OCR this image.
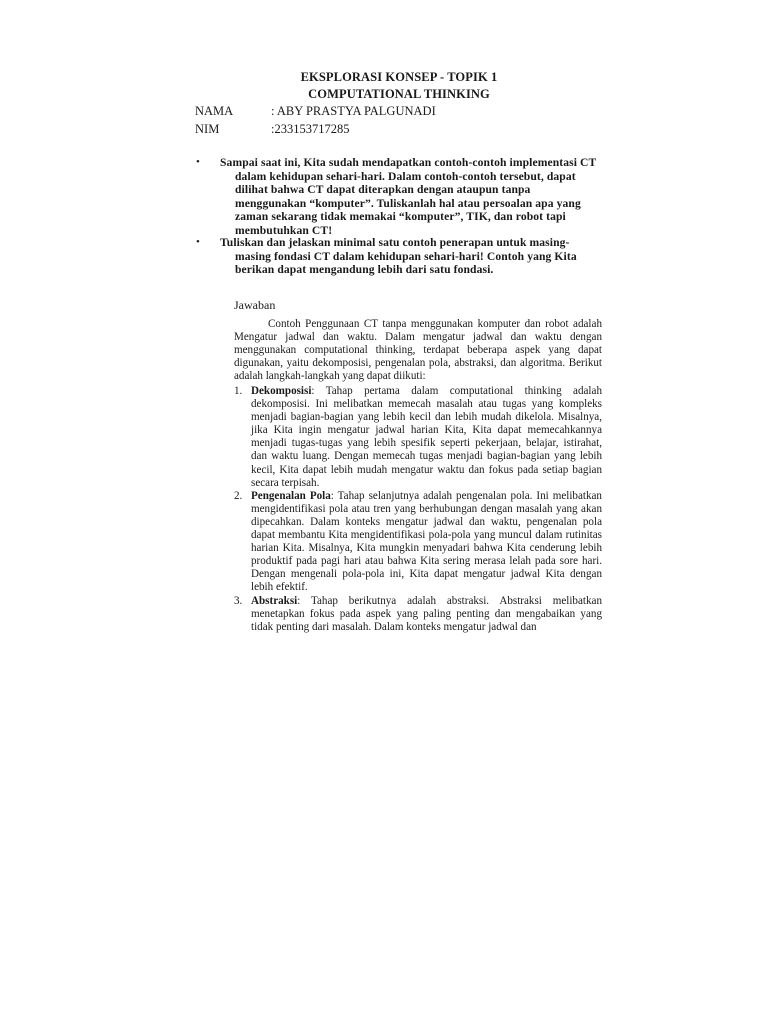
EKSPLORASI KONSEP - TOPIK 1
COMPUTATIONAL THINKING
NAMA	: ABY PRASTYA PALGUNADI
NIM	:233153717285
• Sampai saat ini, Kita sudah mendapatkan contoh-contoh implementasi CT dalam kehidupan sehari-hari. Dalam contoh-contoh tersebut, dapat dilihat bahwa CT dapat diterapkan dengan ataupun tanpa menggunakan “komputer”. Tuliskanlah hal atau persoalan apa yang zaman sekarang tidak memakai “komputer”, TIK, dan robot tapi membutuhkan CT!
• Tuliskan dan jelaskan minimal satu contoh penerapan untuk masing-masing fondasi CT dalam kehidupan sehari-hari! Contoh yang Kita berikan dapat mengandung lebih dari satu fondasi.
Jawaban
Contoh Penggunaan CT tanpa menggunakan komputer dan robot adalah Mengatur jadwal dan waktu. Dalam mengatur jadwal dan waktu dengan menggunakan computational thinking, terdapat beberapa aspek yang dapat digunakan, yaitu dekomposisi, pengenalan pola, abstraksi, dan algoritma. Berikut adalah langkah-langkah yang dapat diikuti:
1. Dekomposisi: Tahap pertama dalam computational thinking adalah dekomposisi. Ini melibatkan memecah masalah atau tugas yang kompleks menjadi bagian-bagian yang lebih kecil dan lebih mudah dikelola. Misalnya, jika Kita ingin mengatur jadwal harian Kita, Kita dapat memecahkannya menjadi tugas-tugas yang lebih spesifik seperti pekerjaan, belajar, istirahat, dan waktu luang. Dengan memecah tugas menjadi bagian-bagian yang lebih kecil, Kita dapat lebih mudah mengatur waktu dan fokus pada setiap bagian secara terpisah.
2. Pengenalan Pola: Tahap selanjutnya adalah pengenalan pola. Ini melibatkan mengidentifikasi pola atau tren yang berhubungan dengan masalah yang akan dipecahkan. Dalam konteks mengatur jadwal dan waktu, pengenalan pola dapat membantu Kita mengidentifikasi pola-pola yang muncul dalam rutinitas harian Kita. Misalnya, Kita mungkin menyadari bahwa Kita cenderung lebih produktif pada pagi hari atau bahwa Kita sering merasa lelah pada sore hari. Dengan mengenali pola-pola ini, Kita dapat mengatur jadwal Kita dengan lebih efektif.
3. Abstraksi: Tahap berikutnya adalah abstraksi. Abstraksi melibatkan menetapkan fokus pada aspek yang paling penting dan mengabaikan yang tidak penting dari masalah. Dalam konteks mengatur jadwal dan
